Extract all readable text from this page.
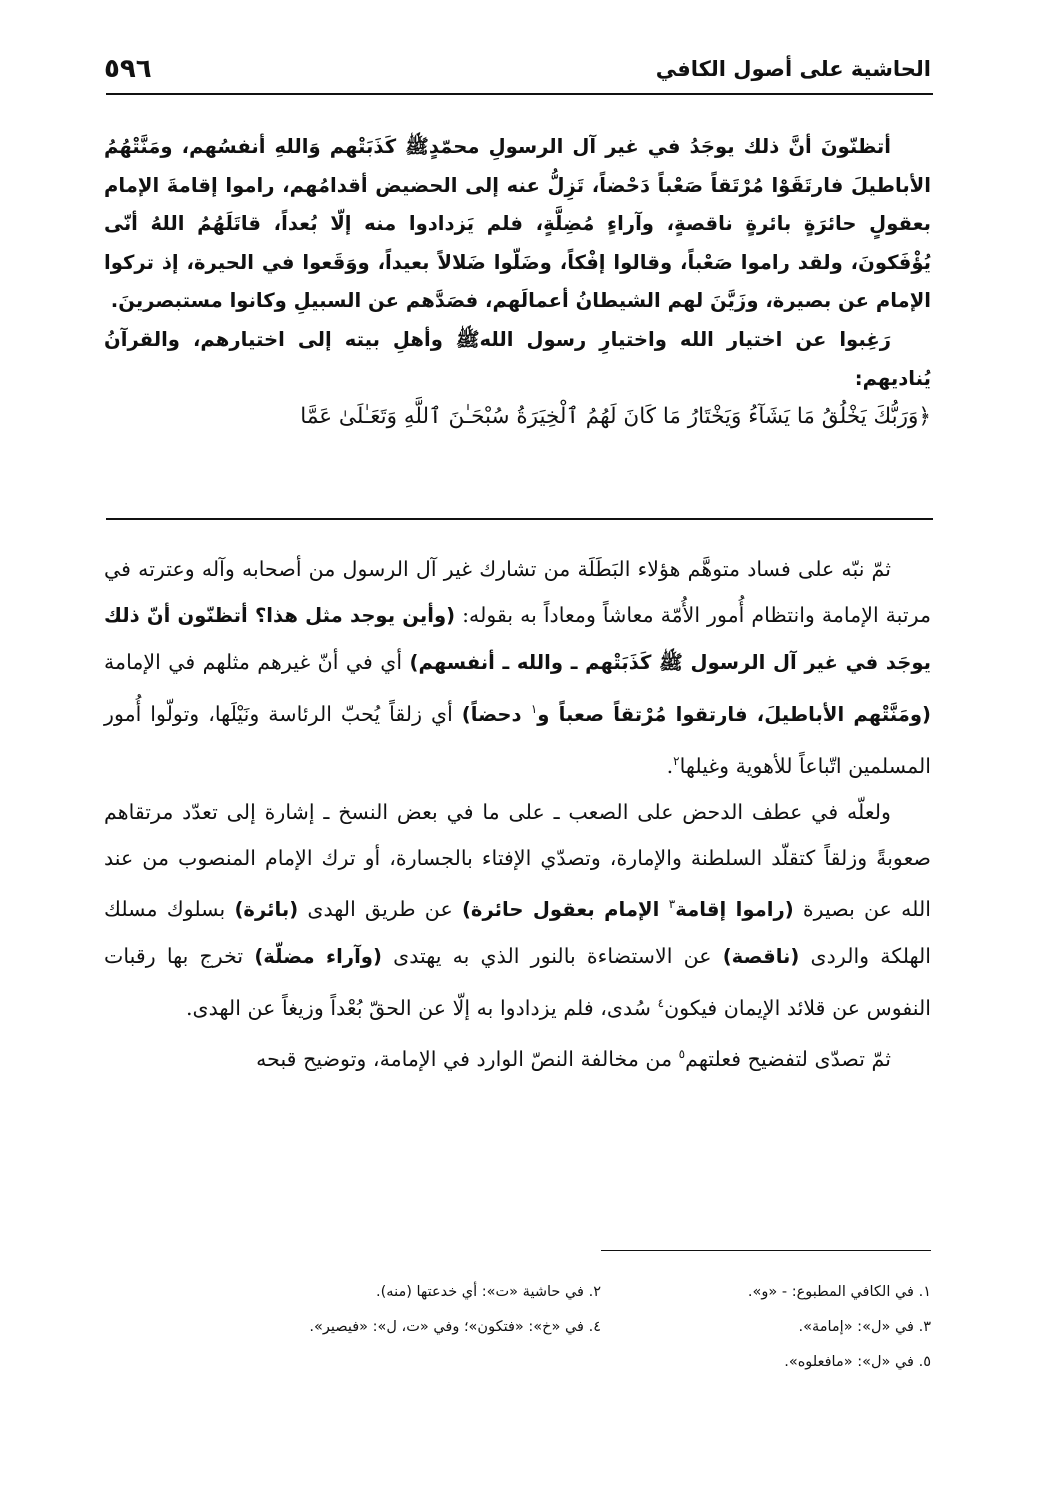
الحاشية على أصول الكافي
٥٩٦

أتظنّونَ أنَّ ذلك يوجَدُ في غير آل الرسولِ محمّدٍﷺ كَذَبَتْهم وَاللهِ أنفسُهم، ومَنَّتْهُمُ الأباطيلَ فارتَقَوْا مُرْتَقاً صَعْباً دَحْضاً، تَزِلُّ عنه إلى الحضيض أقدامُهم، راموا إقامةَ الإمام بعقولٍ حائرَةٍ بائرةٍ ناقصةٍ، وآراءٍ مُضِلَّةٍ، فلم يَزدادوا منه إلّا بُعداً، قاتَلَهُمُ اللهُ أنّى يُؤْفَكونَ، ولقد راموا صَعْباً، وقالوا إفْكاً، وضَلّوا ضَلالاً بعيداً، ووَقَعوا في الحيرة، إذ تركوا الإمام عن بصيرة، وزَيَّنَ لهم الشيطانُ أعمالَهم، فصَدَّهم عن السبيلِ وكانوا مستبصرينَ.

رَغِبوا عن اختيار الله واختيارِ رسول اللهﷺ وأهلِ بيته إلى اختيارهم، والقرآنُ يُناديهم:

﴿وَرَبُّكَ يَخْلُقُ مَا يَشَآءُ وَيَخْتَارُ مَا كَانَ لَهُمُ ٱلْخِيَرَةُ سُبْحَـٰنَ ٱللَّهِ وَتَعَـٰلَىٰ عَمَّا

ثمّ نبّه على فساد متوهَّم هؤلاء البَطَلَة من تشارك غير آل الرسول من أصحابه وآله وعترته في مرتبة الإمامة وانتظام أُمور الأُمّة معاشاً ومعاداً به بقوله: (وأين يوجد مثل هذا؟ أتظنّون أنّ ذلك يوجَد في غير آل الرسول ﷺ كَذَبَتْهم ـ والله ـ أنفسهم) أي في أنّ غيرهم مثلهم في الإمامة (ومَنَّتْهم الأباطيلَ، فارتقوا مُرْتقاً صعباً و$^١$ دحضاً) أي زلقاً يُحبّ الرئاسة ونَيْلَها، وتولّوا أُمور المسلمين اتّباعاً للأهوية وغيلها$^٢$.

ولعلّه في عطف الدحض على الصعب ـ على ما في بعض النسخ ـ إشارة إلى تعدّد مرتقاهم صعوبةً وزلقاً كتقلّد السلطنة والإمارة، وتصدّي الإفتاء بالجسارة، أو ترك الإمام المنصوب من عند الله عن بصيرة (راموا إقامة$^٣$ الإمام بعقول حائرة) عن طريق الهدى (بائرة) بسلوك مسلك الهلكة والردى (ناقصة) عن الاستضاءة بالنور الذي به يهتدى (وآراء مضلّة) تخرج بها رقبات النفوس عن قلائد الإيمان فيكون$^٤$ سُدى، فلم يزدادوا به إلّا عن الحقّ بُعْداً وزيغاً عن الهدى.

ثمّ تصدّى لتفضيح فعلتهم$^٥$ من مخالفة النصّ الوارد في الإمامة، وتوضيح قبحه

١. في الكافي المطبوع: - «و».
٢. في حاشية «ت»: أي خدعتها (منه).
٣. في «ل»: «إمامة».
٤. في «خ»: «فتكون»؛ وفي «ت، ل»: «فيصير».
٥. في «ل»: «مافعلوه».
